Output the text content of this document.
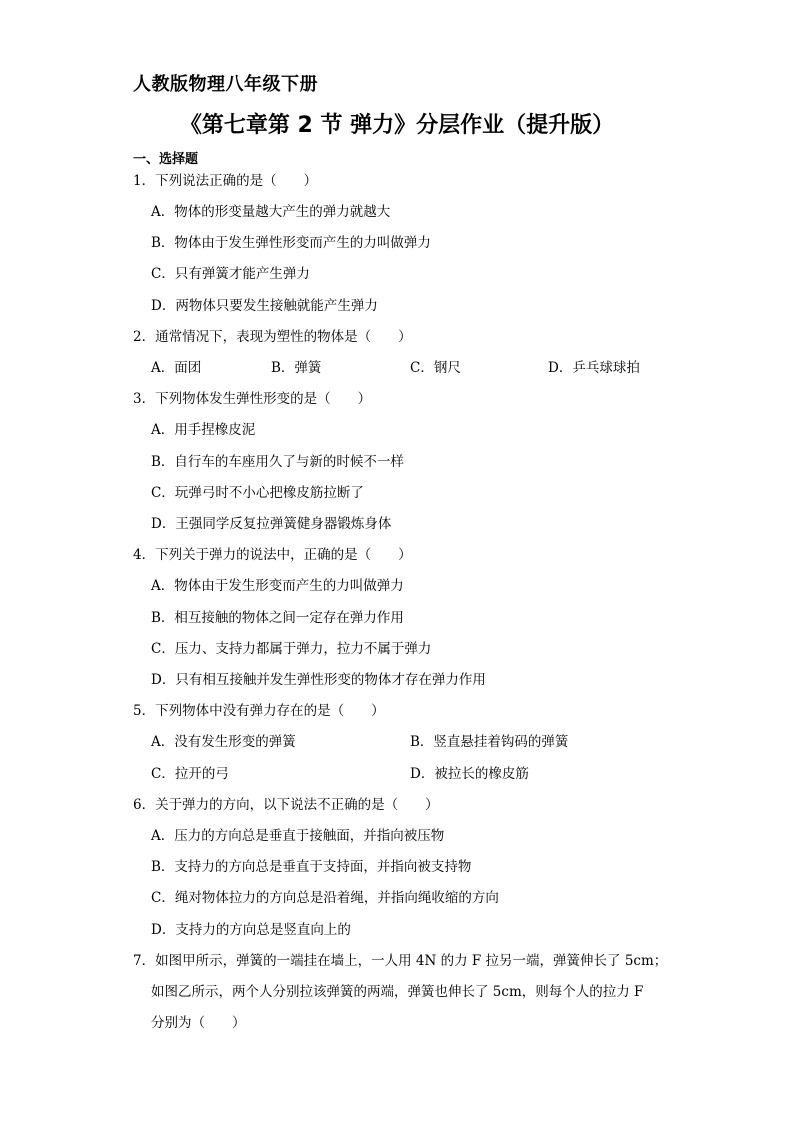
人教版物理八年级下册
《第七章第 2 节 弹力》分层作业（提升版）
一、选择题
1．下列说法正确的是（　　）
A．物体的形变量越大产生的弹力就越大
B．物体由于发生弹性形变而产生的力叫做弹力
C．只有弹簧才能产生弹力
D．两物体只要发生接触就能产生弹力
2．通常情况下，表现为塑性的物体是（　　）
A．面团	B．弹簧	C．钢尺	D．乒乓球球拍
3．下列物体发生弹性形变的是（　　）
A．用手捏橡皮泥
B．自行车的车座用久了与新的时候不一样
C．玩弹弓时不小心把橡皮筋拉断了
D．王强同学反复拉弹簧健身器锻炼身体
4．下列关于弹力的说法中，正确的是（　　）
A．物体由于发生形变而产生的力叫做弹力
B．相互接触的物体之间一定存在弹力作用
C．压力、支持力都属于弹力，拉力不属于弹力
D．只有相互接触并发生弹性形变的物体才存在弹力作用
5．下列物体中没有弹力存在的是（　　）
A．没有发生形变的弹簧	B．竖直悬挂着钩码的弹簧
C．拉开的弓	D．被拉长的橡皮筋
6．关于弹力的方向，以下说法不正确的是（　　）
A．压力的方向总是垂直于接触面，并指向被压物
B．支持力的方向总是垂直于支持面，并指向被支持物
C．绳对物体拉力的方向总是沿着绳，并指向绳收缩的方向
D．支持力的方向总是竖直向上的
7．如图甲所示，弹簧的一端挂在墙上，一人用 4N 的力 F 拉另一端，弹簧伸长了 5cm；
如图乙所示，两个人分别拉该弹簧的两端，弹簧也伸长了 5cm，则每个人的拉力 F
分别为（　　）
